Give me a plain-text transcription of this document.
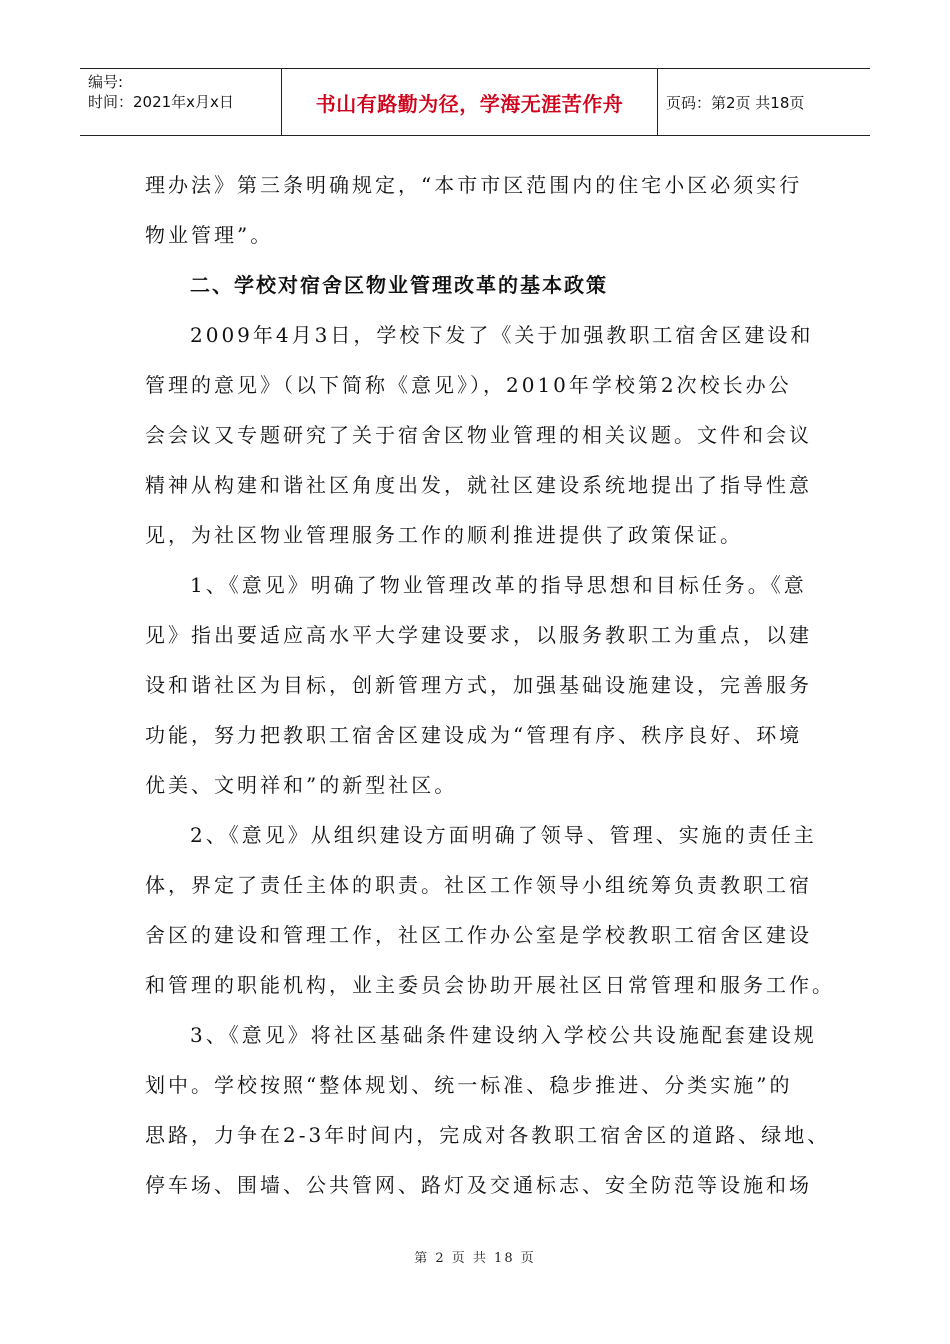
编号:
时间：2021年x月x日	书山有路勤为径，学海无涯苦作舟	页码：第2页 共18页
理办法》第三条明确规定，“本市市区范围内的住宅小区必须实行
物业管理”。
二、学校对宿舍区物业管理改革的基本政策
2009年4月3日，学校下发了《关于加强教职工宿舍区建设和
管理的意见》（以下简称《意见》），2010年学校第2次校长办公
会会议又专题研究了关于宿舍区物业管理的相关议题。文件和会议
精神从构建和谐社区角度出发，就社区建设系统地提出了指导性意
见，为社区物业管理服务工作的顺利推进提供了政策保证。
1、《意见》明确了物业管理改革的指导思想和目标任务。《意
见》指出要适应高水平大学建设要求，以服务教职工为重点，以建
设和谐社区为目标，创新管理方式，加强基础设施建设，完善服务
功能，努力把教职工宿舍区建设成为“管理有序、秩序良好、环境
优美、文明祥和”的新型社区。
2、《意见》从组织建设方面明确了领导、管理、实施的责任主
体，界定了责任主体的职责。社区工作领导小组统筹负责教职工宿
舍区的建设和管理工作，社区工作办公室是学校教职工宿舍区建设
和管理的职能机构，业主委员会协助开展社区日常管理和服务工作。
3、《意见》将社区基础条件建设纳入学校公共设施配套建设规
划中。学校按照“整体规划、统一标准、稳步推进、分类实施”的
思路，力争在2-3年时间内，完成对各教职工宿舍区的道路、绿地、
停车场、围墙、公共管网、路灯及交通标志、安全防范等设施和场
第 2 页 共 18 页
